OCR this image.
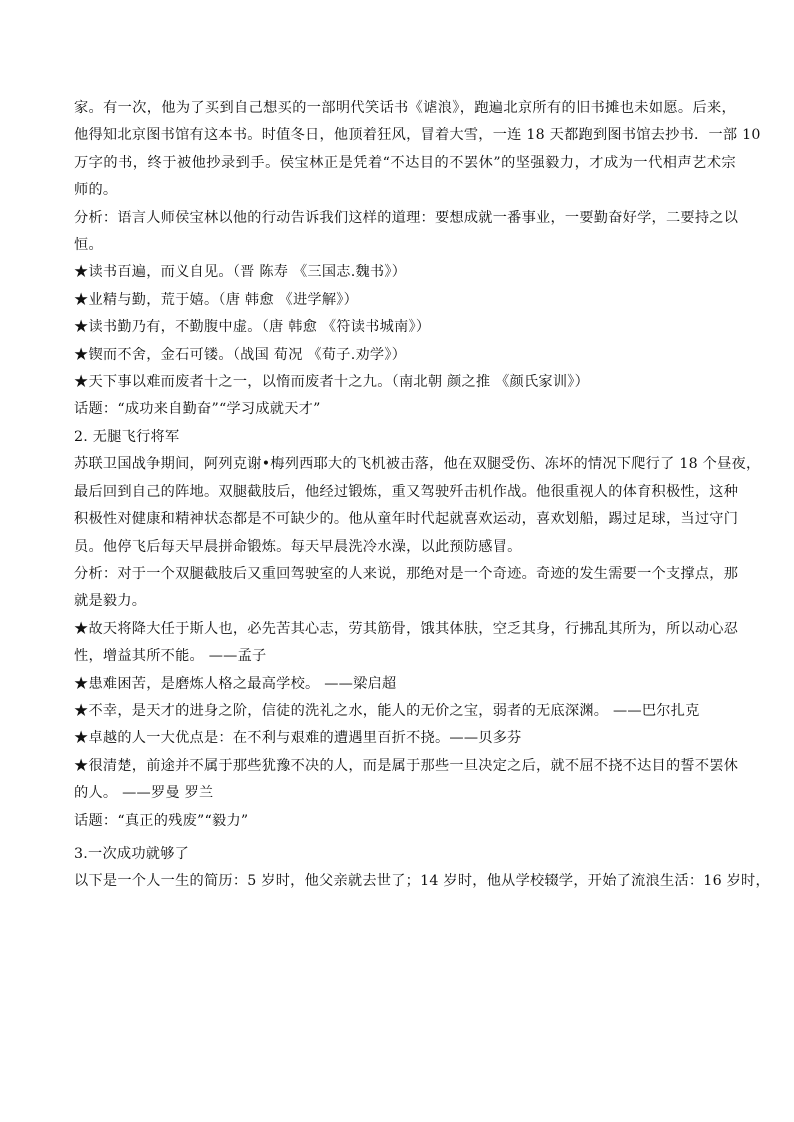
家。有一次，他为了买到自己想买的一部明代笑话书《谑浪》，跑遍北京所有的旧书摊也未如愿。后来，

他得知北京图书馆有这本书。时值冬日，他顶着狂风，冒着大雪，一连 18 天都跑到图书馆去抄书．一部 10

万字的书，终于被他抄录到手。侯宝林正是凭着“不达目的不罢休”的坚强毅力，才成为一代相声艺术宗

师的。

分析：语言人师侯宝林以他的行动告诉我们这样的道理：要想成就一番事业，一要勤奋好学，二要持之以

恒。

★读书百遍，而义自见。（晋 陈寿 《三国志.魏书》）

★业精与勤，荒于嬉。（唐 韩愈 《进学解》）

★读书勤乃有，不勤腹中虚。（唐 韩愈 《符读书城南》）

★锲而不舍，金石可镂。（战国 荀况 《荀子.劝学》）

★天下事以难而废者十之一，以惰而废者十之九。（南北朝 颜之推 《颜氏家训》）

话题：“成功来自勤奋”“学习成就天才”

2. 无腿飞行将军

苏联卫国战争期间，阿列克谢•梅列西耶大的飞机被击落，他在双腿受伤、冻坏的情况下爬行了 18 个昼夜，

最后回到自己的阵地。双腿截肢后，他经过锻炼，重又驾驶歼击机作战。他很重视人的体育积极性，这种

积极性对健康和精神状态都是不可缺少的。他从童年时代起就喜欢运动，喜欢划船，踢过足球，当过守门

员。他停飞后每天早晨拼命锻炼。每天早晨洗冷水澡，以此预防感冒。

分析：对于一个双腿截肢后又重回驾驶室的人来说，那绝对是一个奇迹。奇迹的发生需要一个支撑点，那

就是毅力。

★故天将降大任于斯人也，必先苦其心志，劳其筋骨，饿其体肤，空乏其身，行拂乱其所为，所以动心忍

性，增益其所不能。 ——孟子

★患难困苦，是磨炼人格之最高学校。 ——梁启超

★不幸，是天才的进身之阶，信徒的洗礼之水，能人的无价之宝，弱者的无底深渊。 ——巴尔扎克

★卓越的人一大优点是：在不利与艰难的遭遇里百折不挠。——贝多芬

★很清楚，前途并不属于那些犹豫不决的人，而是属于那些一旦决定之后，就不屈不挠不达目的誓不罢休

的人。 ——罗曼 罗兰

话题：“真正的残废”“毅力”

3.一次成功就够了

以下是一个人一生的简历：5 岁时，他父亲就去世了；14 岁时，他从学校辍学，开始了流浪生活：16 岁时，
